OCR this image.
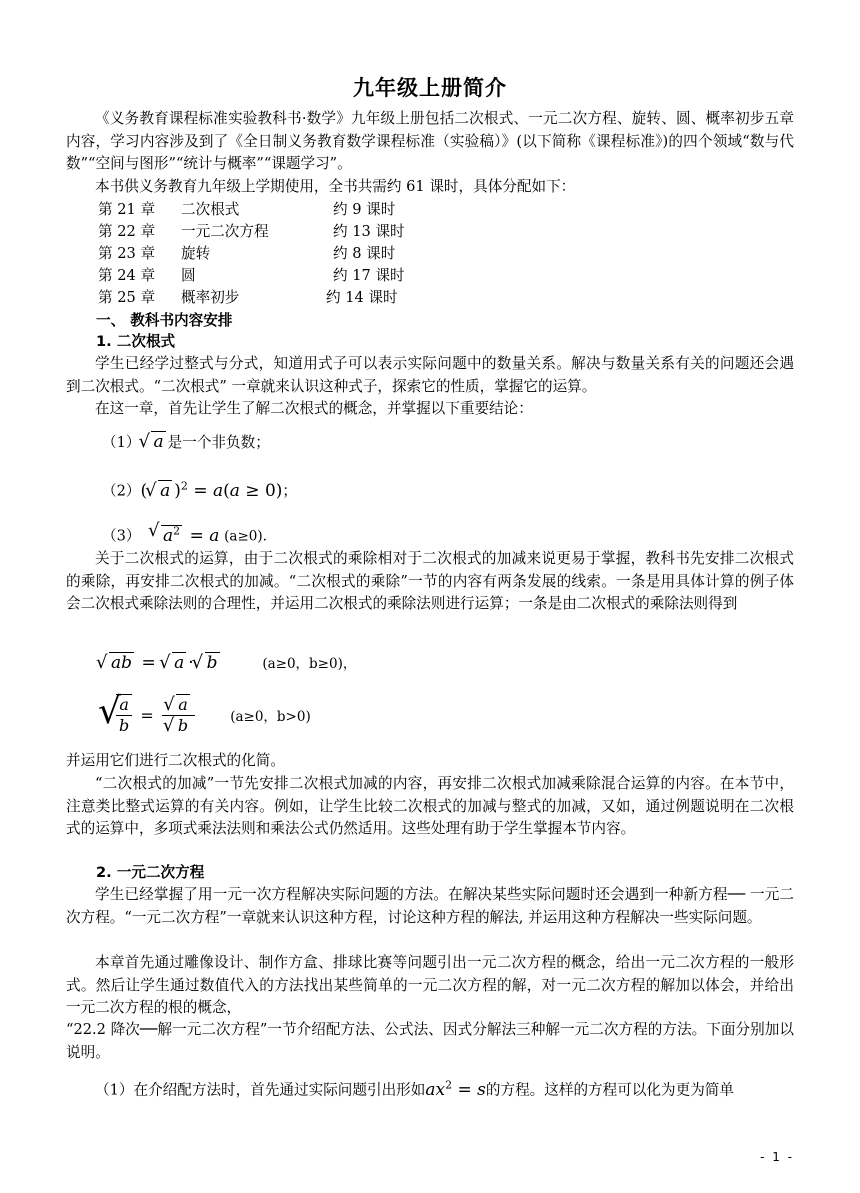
九年级上册简介
《义务教育课程标准实验教科书·数学》九年级上册包括二次根式、一元二次方程、旋转、圆、概率初步五章内容，学习内容涉及到了《全日制义务教育数学课程标准（实验稿）》(以下简称《课程标准》)的四个领域“数与代数”“空间与图形”“统计与概率”“课题学习”。
本书供义务教育九年级上学期使用，全书共需约 61 课时，具体分配如下：
第 21 章 二次根式	约 9 课时
第 22 章 一元二次方程	约 13 课时
第 23 章 旋转	约 8 课时
第 24 章 圆	约 17 课时
第 25 章 概率初步	约 14 课时
一、 教科书内容安排
1. 二次根式
学生已经学过整式与分式，知道用式子可以表示实际问题中的数量关系。解决与数量关系有关的问题还会遇到二次根式。“二次根式” 一章就来认识这种式子，探索它的性质，掌握它的运算。
在这一章，首先让学生了解二次根式的概念，并掌握以下重要结论：
（1） √ a 是一个非负数；
（2）( √ a )$^2$ = a(a ≥ 0)；
（3） √ $a^2 = a$ (a≥0).
关于二次根式的运算，由于二次根式的乘除相对于二次根式的加减来说更易于掌握，教科书先安排二次根式的乘除，再安排二次根式的加减。“二次根式的乘除”一节的内容有两条发展的线索。一条是用具体计算的例子体会二次根式乘除法则的合理性，并运用二次根式的乘除法则进行运算；一条是由二次根式的乘除法则得到
√ ab = √ a · √ b	(a≥0，b≥0)，
√
$\frac{a}{b}$ = √ a
√ b	(a≥0，b>0)
并运用它们进行二次根式的化简。
“二次根式的加减”一节先安排二次根式加减的内容，再安排二次根式加减乘除混合运算的内容。在本节中，注意类比整式运算的有关内容。例如，让学生比较二次根式的加减与整式的加减，又如，通过例题说明在二次根式的运算中，多项式乘法法则和乘法公式仍然适用。这些处理有助于学生掌握本节内容。
2. 一元二次方程
学生已经掌握了用一元一次方程解决实际问题的方法。在解决某些实际问题时还会遇到一种新方程── 一元二次方程。“一元二次方程”一章就来认识这种方程，讨论这种方程的解法, 并运用这种方程解决一些实际问题。
本章首先通过雕像设计、制作方盒、排球比赛等问题引出一元二次方程的概念，给出一元二次方程的一般形式。然后让学生通过数值代入的方法找出某些简单的一元二次方程的解，对一元二次方程的解加以体会，并给出一元二次方程的根的概念，
“22.2 降次──解一元二次方程”一节介绍配方法、公式法、因式分解法三种解一元二次方程的方法。下面分别加以说明。
（1）在介绍配方法时，首先通过实际问题引出形如$ax^2 = s$的方程。这样的方程可以化为更为简单
- 1 -
